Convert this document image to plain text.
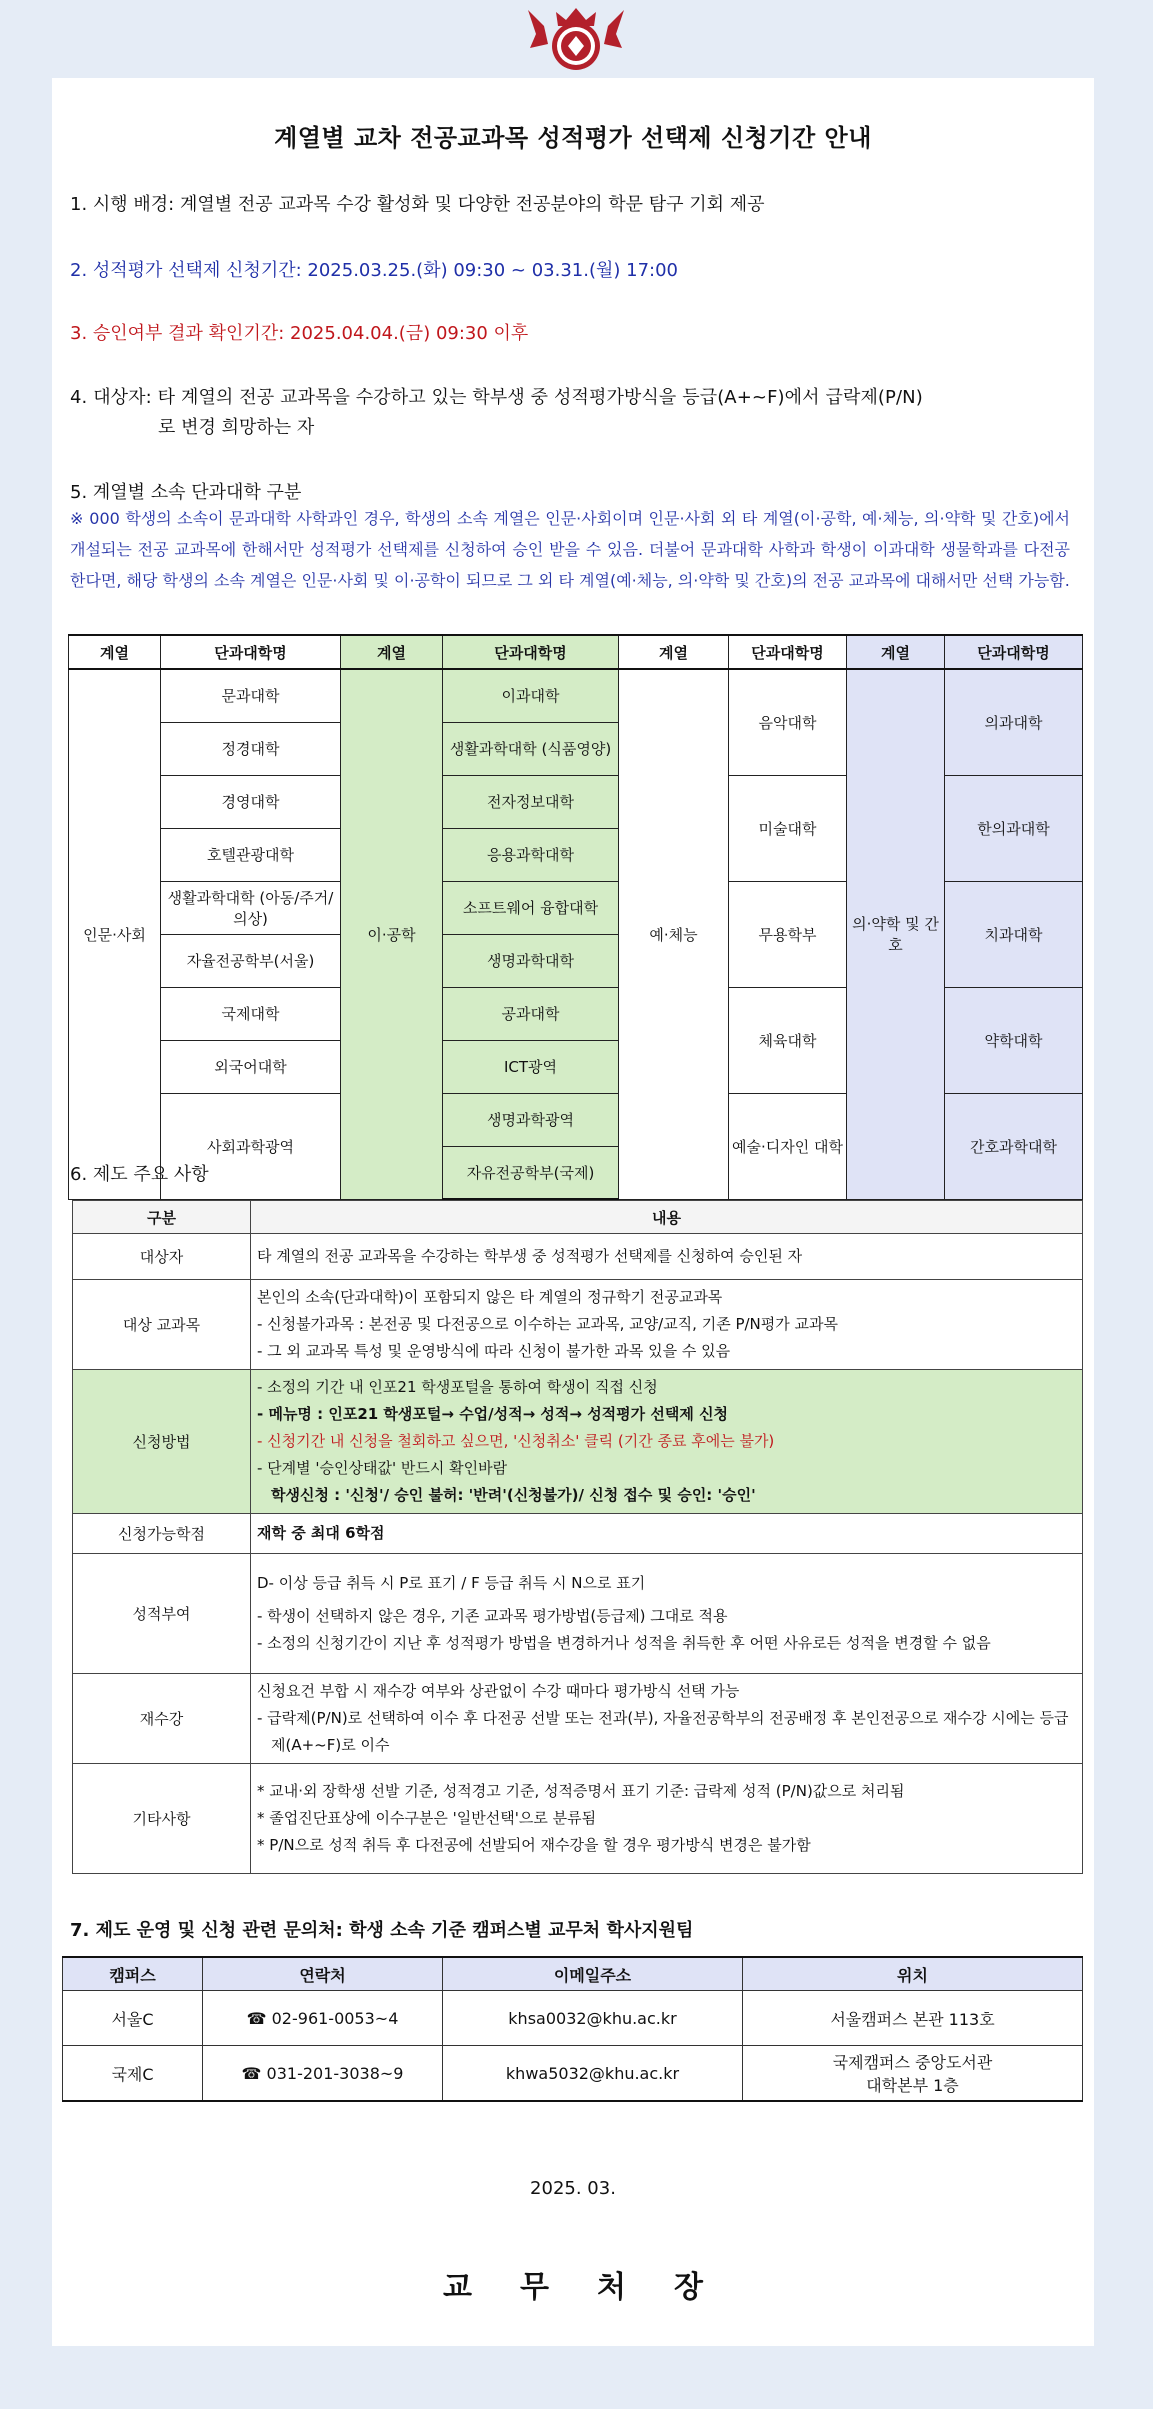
계열별 교차 전공교과목 성적평가 선택제 신청기간 안내
1. 시행 배경: 계열별 전공 교과목 수강 활성화 및 다양한 전공분야의 학문 탐구 기회 제공
2. 성적평가 선택제 신청기간: 2025.03.25.(화) 09:30 ~ 03.31.(월) 17:00
3. 승인여부 결과 확인기간: 2025.04.04.(금) 09:30 이후
4. 대상자: 타 계열의 전공 교과목을 수강하고 있는 학부생 중 성적평가방식을 등급(A+~F)에서 급락제(P/N)
로 변경 희망하는 자
5. 계열별 소속 단과대학 구분
※ 000 학생의 소속이 문과대학 사학과인 경우, 학생의 소속 계열은 인문·사회이며 인문·사회 외 타 계열(이·공학, 예·체능, 의·약학 및 간호)에서 개설되는 전공 교과목에 한해서만 성적평가 선택제를 신청하여 승인 받을 수 있음. 더불어 문과대학 사학과 학생이 이과대학 생물학과를 다전공한다면, 해당 학생의 소속 계열은 인문·사회 및 이·공학이 되므로 그 외 타 계열(예·체능, 의·약학 및 간호)의 전공 교과목에 대해서만 선택 가능함.
계열	단과대학명	계열	단과대학명	계열	단과대학명	계열	단과대학명
인문·사회	문과대학	이·공학	이과대학	예·체능	음악대학	의·약학 및 간호	의과대학
	정경대학		생활과학대학 (식품영양)				
	경영대학		전자정보대학		미술대학		한의과대학
	호텔관광대학		응용과학대학				
	생활과학대학 (아동/주거/의상)		소프트웨어 융합대학		무용학부		치과대학
	자율전공학부(서울)		생명과학대학				
	국제대학		공과대학		체육대학		약학대학
	외국어대학		ICT광역				
	사회과학광역		생명과학광역		예술·디자인 대학		간호과학대학
			자유전공학부(국제)				
6. 제도 주요 사항
구분	내용
대상자	타 계열의 전공 교과목을 수강하는 학부생 중 성적평가 선택제를 신청하여 승인된 자

대상 교과목	본인의 소속(단과대학)이 포함되지 않은 타 계열의 정규학기 전공교과목
- 신청불가과목 : 본전공 및 다전공으로 이수하는 교과목, 교양/교직, 기존 P/N평가 교과목
- 그 외 교과목 특성 및 운영방식에 따라 신청이 불가한 과목 있을 수 있음

신청방법	- 소정의 기간 내 인포21 학생포털을 통하여 학생이 직접 신청
- 메뉴명 : 인포21 학생포털→ 수업/성적→ 성적→ 성적평가 선택제 신청
- 신청기간 내 신청을 철회하고 싶으면, '신청취소' 클릭 (기간 종료 후에는 불가)
- 단계별 '승인상태값' 반드시 확인바람
학생신청 : '신청'/ 승인 불허: '반려'(신청불가)/ 신청 접수 및 승인: '승인'

신청가능학점	재학 중 최대 6학점

성적부여	D- 이상 등급 취득 시 P로 표기 / F 등급 취득 시 N으로 표기
- 학생이 선택하지 않은 경우, 기존 교과목 평가방법(등급제) 그대로 적용
- 소정의 신청기간이 지난 후 성적평가 방법을 변경하거나 성적을 취득한 후 어떤 사유로든 성적을 변경할 수 없음

재수강	신청요건 부합 시 재수강 여부와 상관없이 수강 때마다 평가방식 선택 가능
- 급락제(P/N)로 선택하여 이수 후 다전공 선발 또는 전과(부), 자율전공학부의 전공배정 후 본인전공으로 재수강 시에는 등급제(A+~F)로 이수

기타사항	* 교내·외 장학생 선발 기준, 성적경고 기준, 성적증명서 표기 기준: 급락제 성적 (P/N)값으로 처리됨
* 졸업진단표상에 이수구분은 '일반선택'으로 분류됨
* P/N으로 성적 취득 후 다전공에 선발되어 재수강을 할 경우 평가방식 변경은 불가함
7. 제도 운영 및 신청 관련 문의처: 학생 소속 기준 캠퍼스별 교무처 학사지원팀
캠퍼스	연락처	이메일주소	위치
서울C	☎ 02-961-0053~4	khsa0032@khu.ac.kr	서울캠퍼스 본관 113호

국제C	☎ 031-201-3038~9	khwa5032@khu.ac.kr	국제캠퍼스 중앙도서관
대학본부 1층
2025. 03.
교무처장
